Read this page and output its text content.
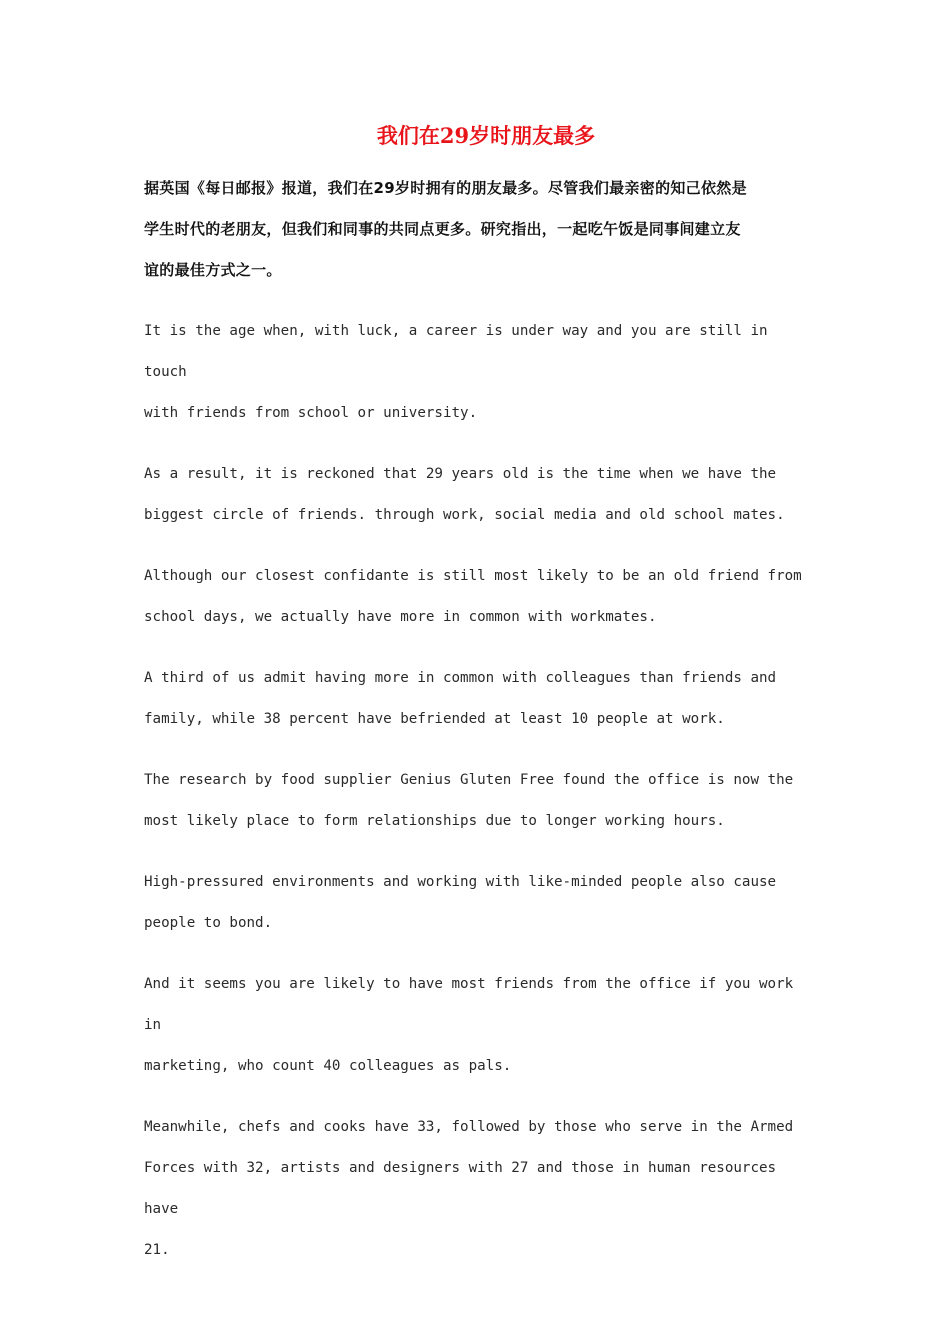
我们在29岁时朋友最多

据英国《每日邮报》报道，我们在29岁时拥有的朋友最多。尽管我们最亲密的知己依然是

学生时代的老朋友，但我们和同事的共同点更多。研究指出，一起吃午饭是同事间建立友

谊的最佳方式之一。

It is the age when, with luck, a career is under way and you are still in touch
with friends from school or university.
As a result, it is reckoned that 29 years old is the time when we have the
biggest circle of friends. through work, social media and old school mates.
Although our closest confidante is still most likely to be an old friend from
school days, we actually have more in common with workmates.
A third of us admit having more in common with colleagues than friends and
family, while 38 percent have befriended at least 10 people at work.
The research by food supplier Genius Gluten Free found the office is now the
most likely place to form relationships due to longer working hours.
High-pressured environments and working with like-minded people also cause
people to bond.
And it seems you are likely to have most friends from the office if you work in
marketing, who count 40 colleagues as pals.
Meanwhile, chefs and cooks have 33, followed by those who serve in the Armed
Forces with 32, artists and designers with 27 and those in human resources have
21.
